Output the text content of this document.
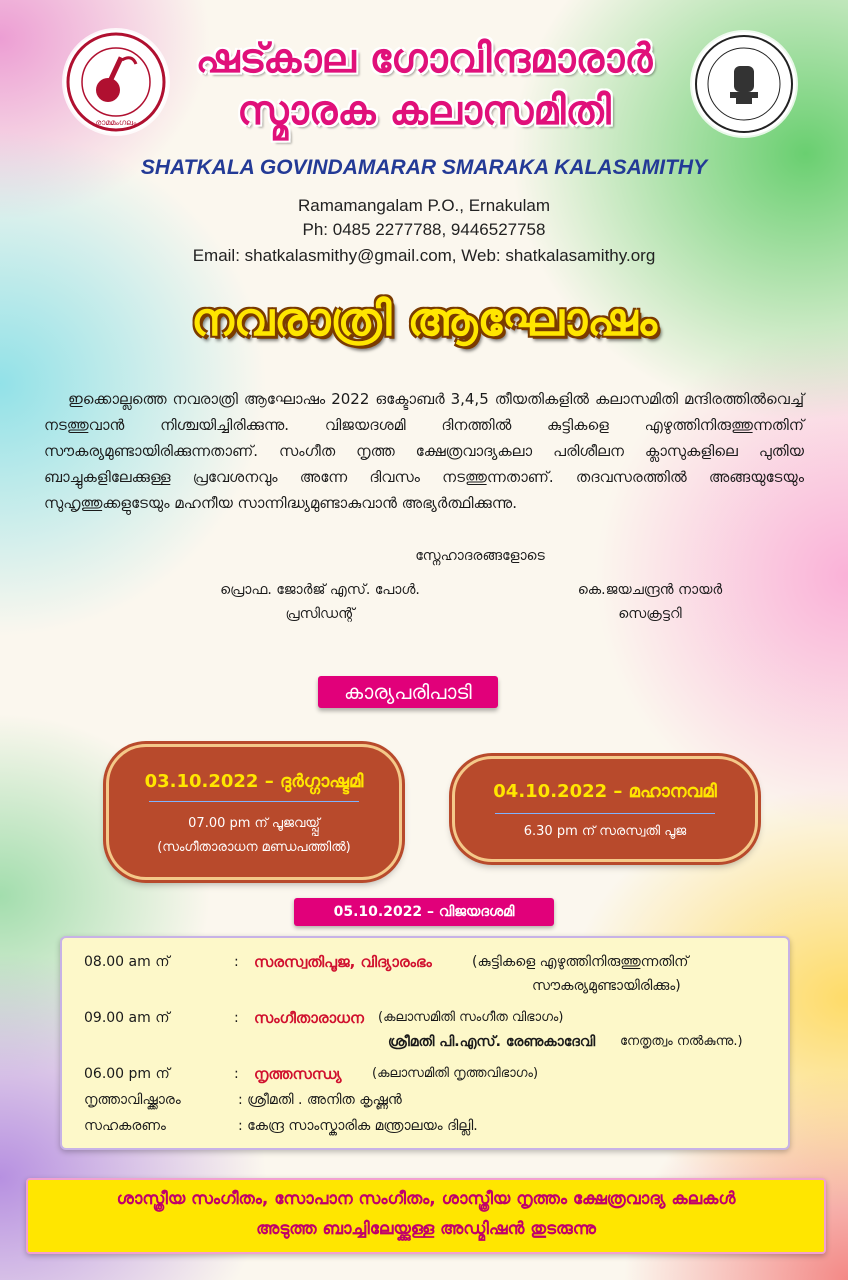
രാമമംഗലം
ഷട്കാല ഗോവിന്ദമാരാർ
സ്മാരക കലാസമിതി
SHATKALA GOVINDAMARAR SMARAKA KALASAMITHY
Ramamangalam P.O., Ernakulam
Ph: 0485 2277788, 9446527758
Email: shatkalasmithy@gmail.com, Web: shatkalasamithy.org
നവരാത്രി ആഘോഷം
ഇക്കൊല്ലത്തെ നവരാത്രി ആഘോഷം 2022 ഒക്ടോബർ 3,4,5 തീയതികളിൽ കലാസമിതി മന്ദിരത്തിൽവെച്ച് നടത്തുവാൻ നിശ്ചയിച്ചിരിക്കുന്നു. വിജയദശമി ദിനത്തിൽ കുട്ടികളെ എഴുത്തിനിരുത്തുന്നതിന് സൗകര്യമുണ്ടായിരിക്കുന്നതാണ്. സംഗീത നൃത്ത ക്ഷേത്രവാദ്യകലാ പരിശീലന ക്ലാസുകളിലെ പുതിയ ബാച്ചുകളിലേക്കുള്ള പ്രവേശനവും അന്നേ ദിവസം നടത്തുന്നതാണ്. തദവസരത്തിൽ അങ്ങയുടേയും സുഹൃത്തുക്കളുടേയും മഹനീയ സാന്നിദ്ധ്യമുണ്ടാകുവാൻ അഭ്യർത്ഥിക്കുന്നു.
സ്നേഹാദരങ്ങളോടെ
പ്രൊഫ. ജോർജ് എസ്. പോൾ.
പ്രസിഡന്റ്
കെ.ജയചന്ദ്രൻ നായർ
സെക്രട്ടറി
കാര്യപരിപാടി
03.10.2022 – ദുർഗ്ഗാഷ്ടമി
07.00 pm ന് പൂജവയ്പ്പ്
(സംഗീതാരാധന മണ്ഡപത്തിൽ)
04.10.2022 – മഹാനവമി
6.30 pm ന് സരസ്വതി പൂജ
05.10.2022 – വിജയദശമി
08.00 am ന്	: സരസ്വതിപൂജ, വിദ്യാരംഭം	(കുട്ടികളെ എഴുത്തിനിരുത്തുന്നതിന്
സൗകര്യമുണ്ടായിരിക്കും)
09.00 am ന്	: സംഗീതാരാധന (കലാസമിതി സംഗീത വിഭാഗം)
ശ്രീമതി പി.എസ്. രേണുകാദേവി നേതൃത്വം നൽകുന്നു.)
06.00 pm ന്	: നൃത്തസന്ധ്യ (കലാസമിതി നൃത്തവിഭാഗം)
നൃത്താവിഷ്ക്കാരം	: ശ്രീമതി . അനിത കൃഷ്ണൻ
സഹകരണം	: കേന്ദ്ര സാംസ്കാരിക മന്ത്രാലയം ദില്ലി.
ശാസ്ത്രീയ സംഗീതം, സോപാന സംഗീതം, ശാസ്ത്രീയ നൃത്തം ക്ഷേത്രവാദ്യ കലകൾ
അടുത്ത ബാച്ചിലേയ്ക്കുള്ള അഡ്മിഷൻ തുടരുന്നു
